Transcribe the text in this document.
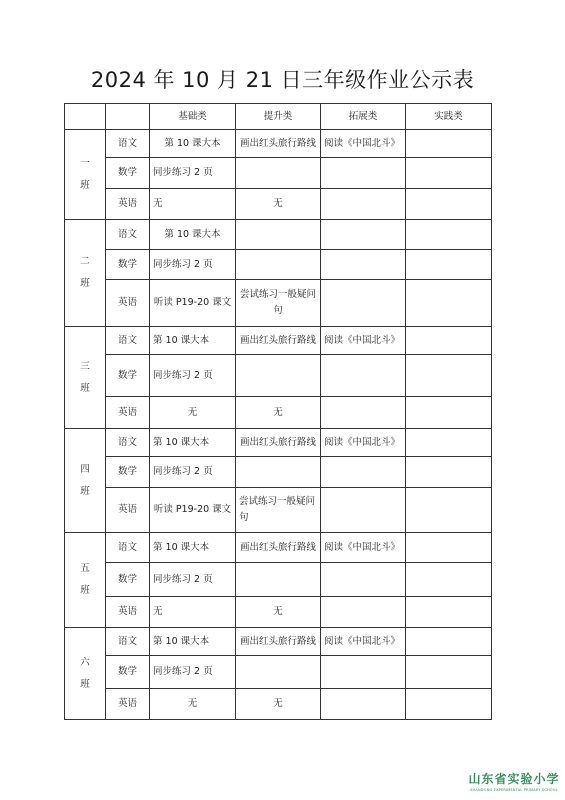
2024 年 10 月 21 日三年级作业公示表
		基础类	提升类	拓展类	实践类

一
班	语文	第 10 课大本	画出红头旅行路线	阅读《中国北斗》	
	数学	同步练习 2 页			
	英语	无	无		

二
班	语文	第 10 课大本			
	数学	同步练习 2 页			
	英语	听读 P19-20 课文	尝试练习一般疑问句		

三
班	语文	第 10 课大本	画出红头旅行路线	阅读《中国北斗》	
	数学	同步练习 2 页			
	英语	无	无		

四
班	语文	第 10 课大本	画出红头旅行路线	阅读《中国北斗》	
	数学	同步练习 2 页			
	英语	听读 P19-20 课文	尝试练习一般疑问句		

五
班	语文	第 10 课大本	画出红头旅行路线	阅读《中国北斗》	
	数学	同步练习 2 页			
	英语	无	无		

六
班	语文	第 10 课大本	画出红头旅行路线	阅读《中国北斗》	
	数学	同步练习 2 页			
	英语	无	无		
山东省实验小学
SHANDONG EXPERIMENTAL PRIMARY SCHOOL
